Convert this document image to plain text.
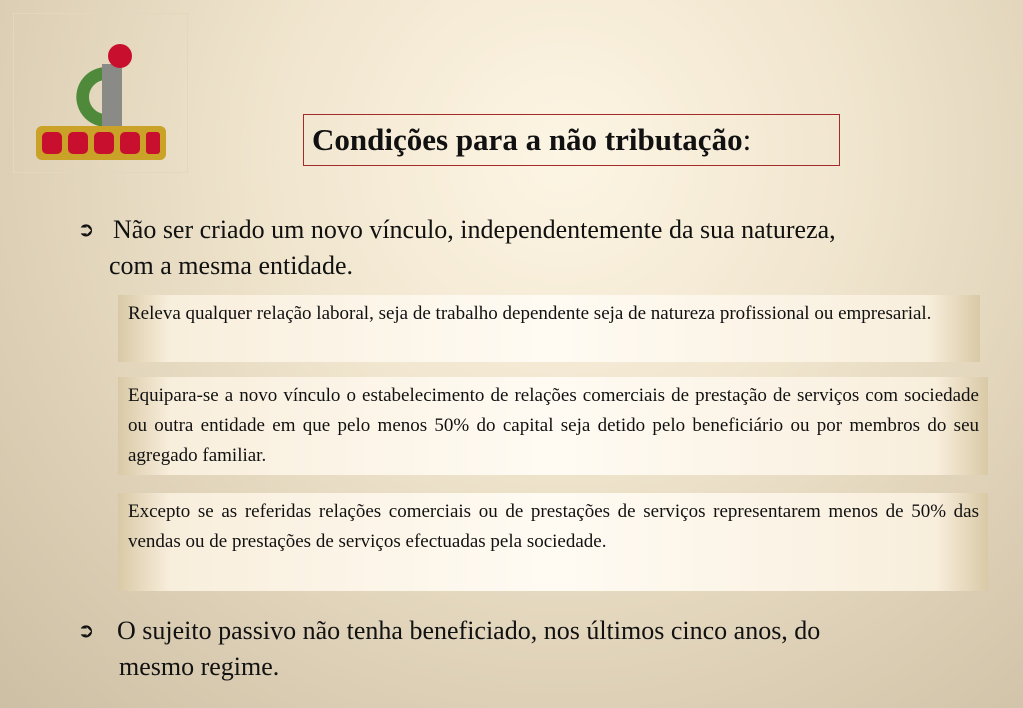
Condições para a não tributação:
➲ Não ser criado um novo vínculo, independentemente da sua natureza,
com a mesma entidade.
Releva qualquer relação laboral, seja de trabalho dependente seja de natureza profissional ou empresarial.
Equipara-se a novo vínculo o estabelecimento de relações comerciais de prestação de serviços com sociedade ou outra entidade em que pelo menos 50% do capital seja detido pelo beneficiário ou por membros do seu agregado familiar.
Excepto se as referidas relações comerciais ou de prestações de serviços representarem menos de 50% das vendas ou de prestações de serviços efectuadas pela sociedade.
➲ O sujeito passivo não tenha beneficiado, nos últimos cinco anos, do
mesmo regime.
